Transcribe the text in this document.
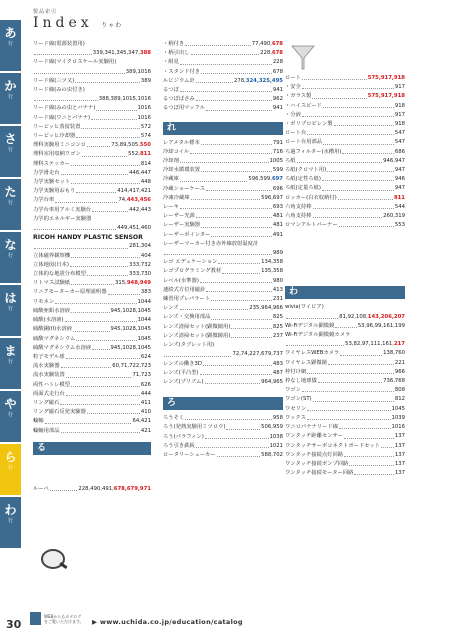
あ
行
か
行
さ
行
た
行
な
行
は
行
ま
行
や
行
ら
行
わ
行
製品索引
Index りゃわ
リード線(電源装置用)
339,341,345,347,388
リード線(マイクロスケール実験用)
389,1016
リード線(三ツ又)	389
リード線(みの虫付き)
388,389,1015,1016
リード線(みの虫とバナナ)	1016
リード線(ワニとバナナ)	1016
リービッヒ蒸留装置	572
リービッヒ冷却器	574
理科実験用ミニコンロ	73,89,505,550
理科室用収納ワゴン	552,811
理科ステッカー	814
力学滑走台	446,447
力学実験セット	448
力学実験用おもり	414,417,421
力学台車	74,443,456
力学台車用アルミ実験台	442,443
力学的エネルギー実験器
449,451,460
RICOH HANDY PLASTIC SENSOR
281,304
立体磁界観察機	404
立体地図(日本)	333,732
立体的な地震分布模型	333,730
リトマス試験紙	315,948,949
リニアモーターカー原理説明器	383
リモネン	1044
硫酸亜鉛水溶液	945,1028,1045
硫酸(水溶液)	1044
硫酸銅(II)水溶液	945,1028,1045
硫酸マグネシウム	1045
硫酸マグネシウム水溶液	945,1028,1045
粒子モデル球	624
流水実験器	60,71,722,723
流水実験装置	71,723
両性ハトレ模型	626
両面式走行台	444
リング磁石	411
リング磁石反発実験器	410
輪軸	64,421
輪軸用部品	421
る
ルーペ	228,490,491,678,679,971
・柄付き	77,490,678
・柄引出し	228,678
・組見	228
・スタンド付き	678
ルビジウム計	278,324,325,495
るつぼ	941
るつぼばさみ	962
るつぼ用マッフル	941
れ
レアメタル標本	791
冷却コイル	716
冷却剤	1005
冷却水循環装置	599
冷蔵庫	596,599,697
冷蔵ショーケース	696
冷凍冷蔵庫	596,697
レーキ	693
レーザー光源	481
レーザー実験器	481
レーザーポインター	491
レーザーマーカー付き赤外線放射温度計
989
レゴ エデュケーション	134,358
レゴプログラミング教材	135,358
レベル(水準器)	980
連続式方位用磁針	413
練習用プレパラート	231
レンズ	235,964,966
レンズ・交換用部品	825
レンズ清掃セット(顕微鏡用)	825
レンズ清掃セット(顕微鏡用)	237
レンズ(タブレット用)
72,74,227,679,737
レンズの働き3D	483
レンズ(平凸型)	487
レンズ(プリズム)	964,965
ろ
ろうそく	958
ろう(発熱実験用ミツロウ)	506,959
ろう(パラフィン)	1038
ろう引き鉄板	1021
ロータリーシェーカー	588,702
ロート	575,917,918
・安全	917
・ガラス製	575,917,918
・ハイスピード	918
・分液	917
・ポリプロピレン製	918
ロート台	547
ロート台用部品	547
ろ過フィルター(水槽用)	686
ろ紙	946,947
ろ紙(クロマト用)	947
ろ紙(定性ろ紙)	946
ろ紙(定量ろ紙)	947
ロッカー(白衣収納付)	811
六角支持棒	544
六角支持棒	260,319
ロマンアルトバーナー	553
わ
wivia(ワイビア)
81,92,108,143,206,207
Wi-Fiデジタル顕微鏡	53,96,99,161,199
Wi-Fiデジタル顕微鏡カメラ
53,82,97,111,161,217
ワイヤレスWEBカメラ	138,760
ワイヤレス顕微鏡	221
枠付け網	966
枠なし地球儀	736,768
ワゴン	808
ワゴン(ST)	812
ワセリン	1045
ワックス	1039
ワニロバナナリード線	1016
ワンタッチ距離センサー	137
ワンタッチサーボコネクトボードセット	137
ワンタッチ接続点灯回路	137
ワンタッチ接続ボンプ回路	137
ワンタッチ接続モーター回路	137
30
WEBからもカタログをご覧いただけます。 ▶ www.uchida.co.jp/education/catalog
